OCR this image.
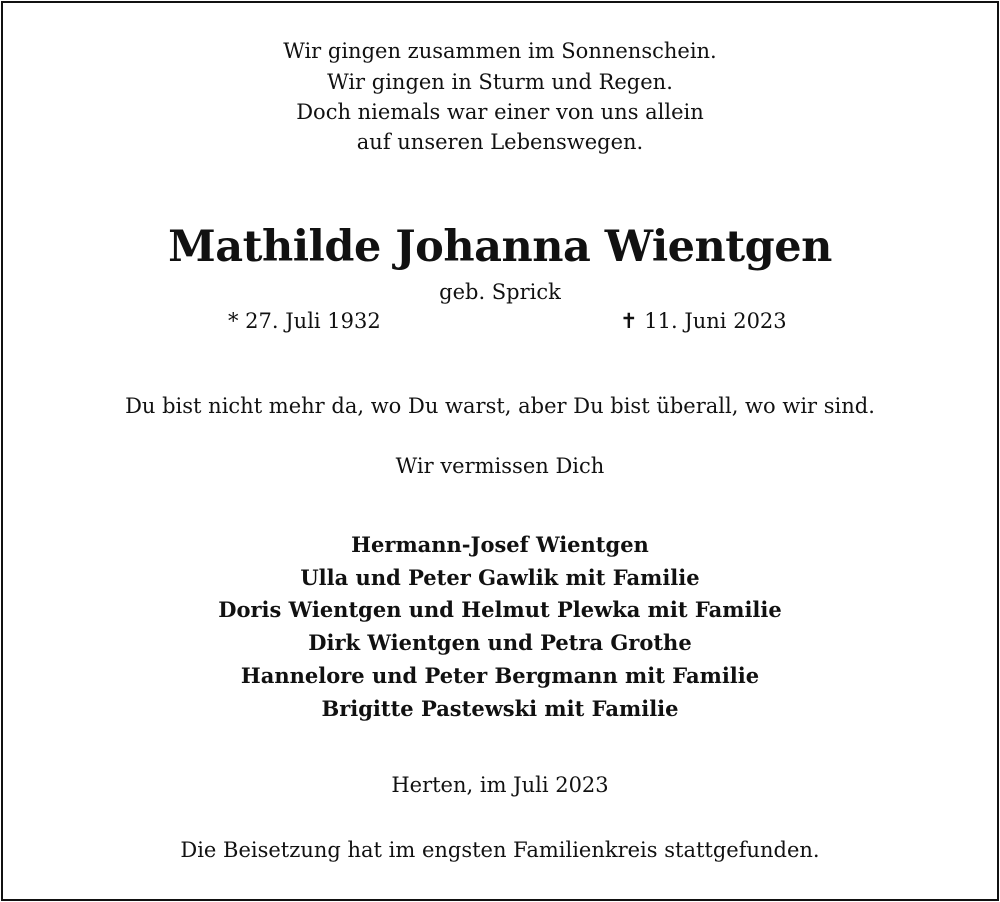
Wir gingen zusammen im Sonnenschein.
Wir gingen in Sturm und Regen.
Doch niemals war einer von uns allein
auf unseren Lebenswegen.
Mathilde Johanna Wientgen
geb. Sprick
* 27. Juli 1932	✝ 11. Juni 2023
Du bist nicht mehr da, wo Du warst, aber Du bist überall, wo wir sind.
Wir vermissen Dich
Hermann-Josef Wientgen
Ulla und Peter Gawlik mit Familie
Doris Wientgen und Helmut Plewka mit Familie
Dirk Wientgen und Petra Grothe
Hannelore und Peter Bergmann mit Familie
Brigitte Pastewski mit Familie
Herten, im Juli 2023
Die Beisetzung hat im engsten Familienkreis stattgefunden.
